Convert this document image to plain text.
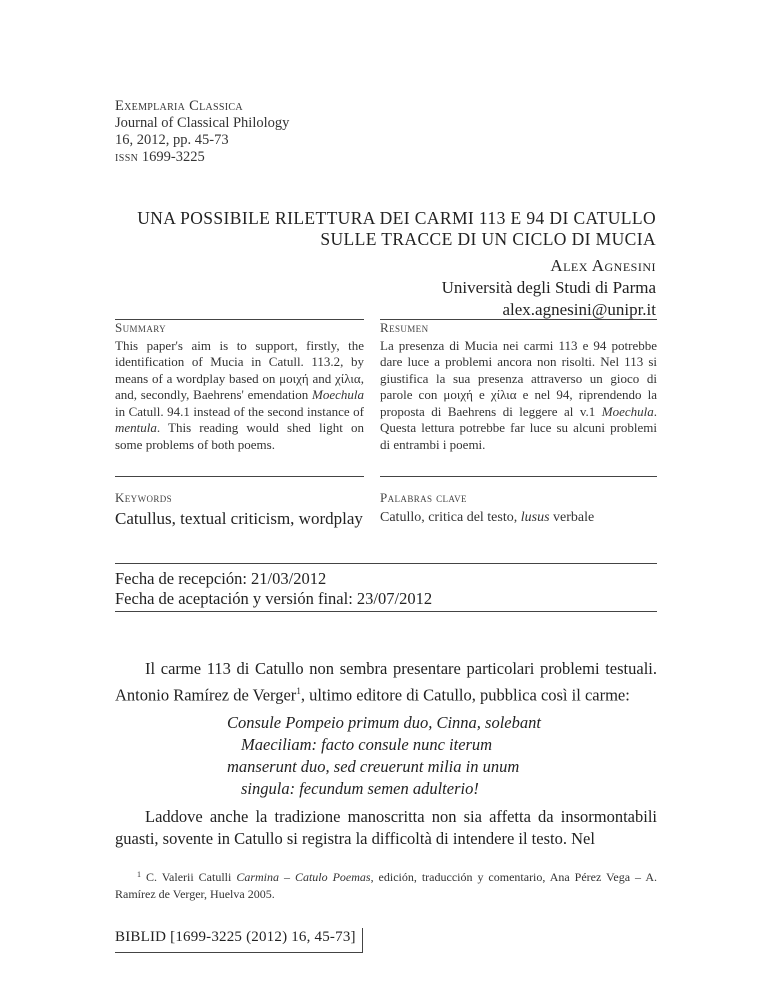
Exemplaria Classica
Journal of Classical Philology
16, 2012, pp. 45-73
ISSN 1699-3225
UNA POSSIBILE RILETTURA DEI CARMI 113 E 94 DI CATULLO
SULLE TRACCE DI UN CICLO DI MUCIA
Alex Agnesini
Università degli Studi di Parma
alex.agnesini@unipr.it
Summary

This paper's aim is to support, firstly, the identification of Mucia in Catull. 113.2, by means of a wordplay based on μοιχή and χίλια, and, secondly, Baehrens' emendation Moechula in Catull. 94.1 instead of the second instance of mentula. This reading would shed light on some problems of both poems.

Resumen

La presenza di Mucia nei carmi 113 e 94 potrebbe dare luce a problemi ancora non risolti. Nel 113 si giustifica la sua presenza attraverso un gioco di parole con μοιχή e χίλια e nel 94, riprendendo la proposta di Baehrens di leggere al v.1 Moechula. Questa lettura potrebbe far luce su alcuni problemi di entrambi i poemi.

Keywords
Catullus, textual criticism, wordplay
Palabras clave
Catullo, critica del testo, lusus verbale
Fecha de recepción: 21/03/2012
Fecha de aceptación y versión final: 23/07/2012
Il carme 113 di Catullo non sembra presentare particolari problemi testuali. Antonio Ramírez de Verger$^1$, ultimo editore di Catullo, pubblica così il carme:
Consule Pompeio primum duo, Cinna, solebant
Maeciliam: facto consule nunc iterum
manserunt duo, sed creuerunt milia in unum
singula: fecundum semen adulterio!
Laddove anche la tradizione manoscritta non sia affetta da insormontabili guasti, sovente in Catullo si registra la difficoltà di intendere il testo. Nel
$^1$ C. Valerii Catulli Carmina – Catulo Poemas, edición, traducción y comentario, Ana Pérez Vega – A. Ramírez de Verger, Huelva 2005.
BIBLID [1699-3225 (2012) 16, 45-73]
